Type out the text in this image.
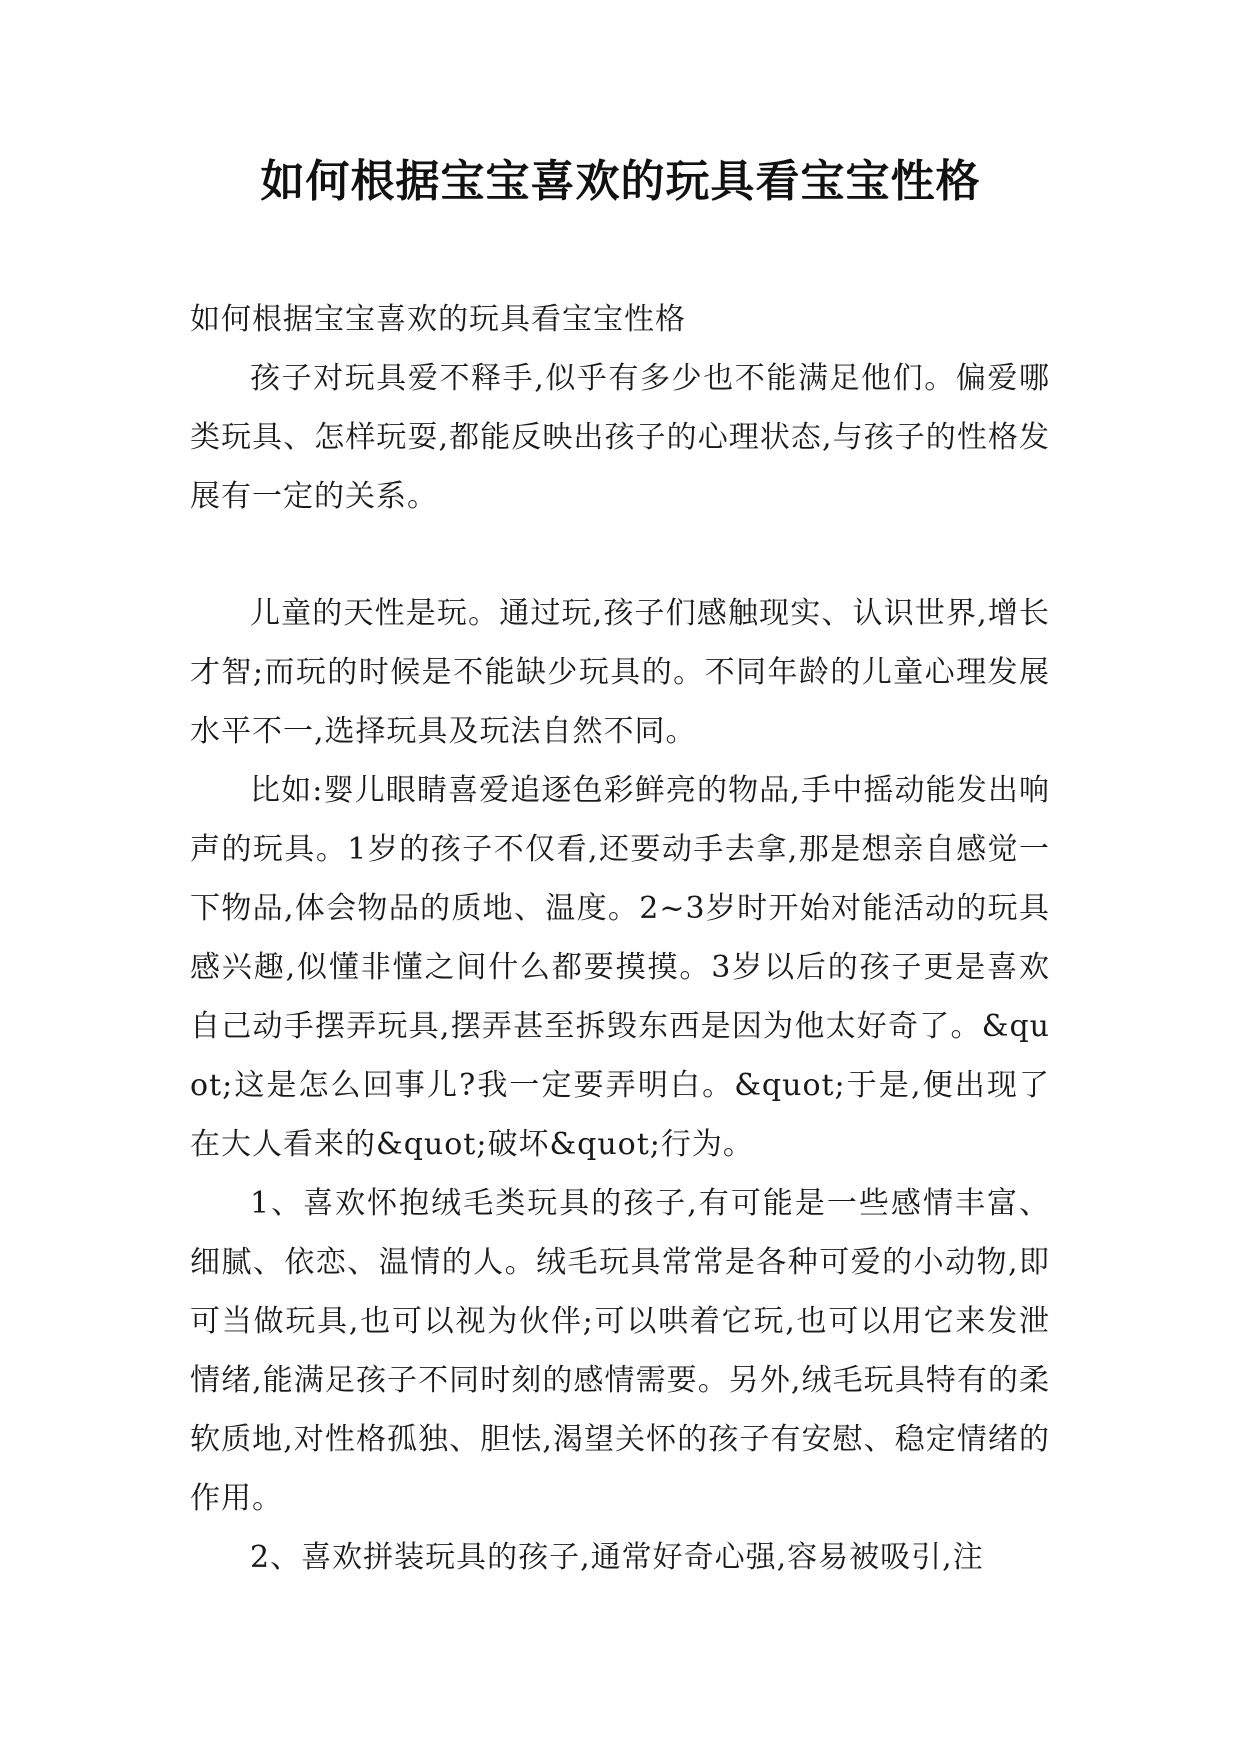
如何根据宝宝喜欢的玩具看宝宝性格

如何根据宝宝喜欢的玩具看宝宝性格

孩子对玩具爱不释手,似乎有多少也不能满足他们。偏爱哪类玩具、怎样玩耍,都能反映出孩子的心理状态,与孩子的性格发展有一定的关系。

儿童的天性是玩。通过玩,孩子们感触现实、认识世界,增长才智;而玩的时候是不能缺少玩具的。不同年龄的儿童心理发展水平不一,选择玩具及玩法自然不同。

比如:婴儿眼睛喜爱追逐色彩鲜亮的物品,手中摇动能发出响声的玩具。1岁的孩子不仅看,还要动手去拿,那是想亲自感觉一下物品,体会物品的质地、温度。2~3岁时开始对能活动的玩具感兴趣,似懂非懂之间什么都要摸摸。3岁以后的孩子更是喜欢自己动手摆弄玩具,摆弄甚至拆毁东西是因为他太好奇了。&quot;这是怎么回事儿?我一定要弄明白。&quot;于是,便出现了在大人看来的&quot;破坏&quot;行为。

1、喜欢怀抱绒毛类玩具的孩子,有可能是一些感情丰富、细腻、依恋、温情的人。绒毛玩具常常是各种可爱的小动物,即可当做玩具,也可以视为伙伴;可以哄着它玩,也可以用它来发泄情绪,能满足孩子不同时刻的感情需要。另外,绒毛玩具特有的柔软质地,对性格孤独、胆怯,渴望关怀的孩子有安慰、稳定情绪的作用。

2、喜欢拼装玩具的孩子,通常好奇心强,容易被吸引,注
